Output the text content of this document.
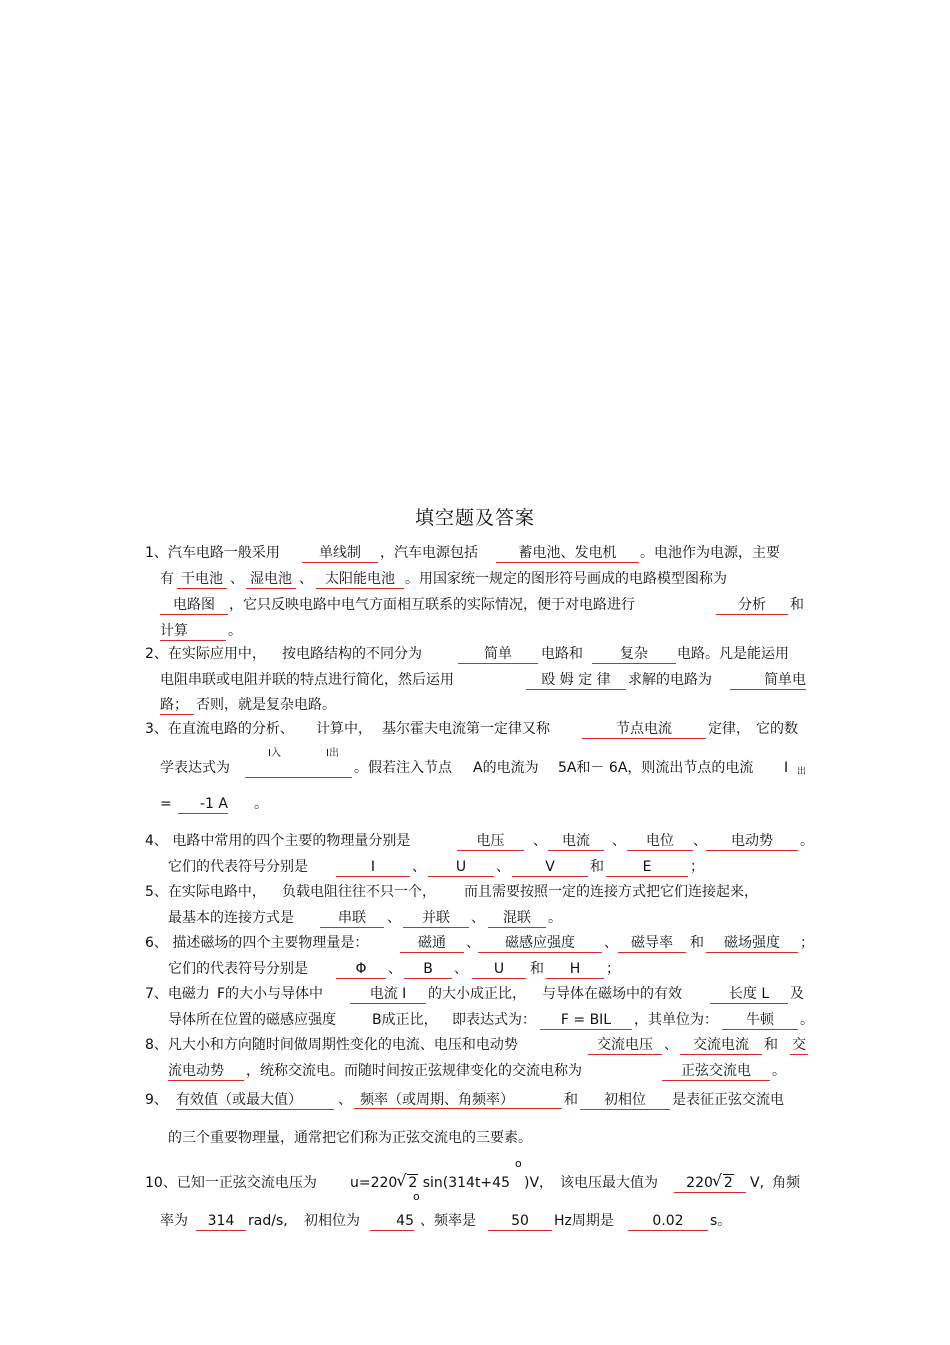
填空题及答案
1、汽车电路一般采用	单线制	，汽车电源包括	蓄电池、发电机	。电池作为电源，主要
有 干电池 、 湿电池 、 太阳能电池 。用国家统一规定的图形符号画成的电路模型图称为
电路图	，它只反映电路中电气方面相互联系的实际情况，便于对电路进行	分析	和
计算	。
2、在实际应用中， 按电路结构的不同分为	简单	电路和	复杂	电路。凡是能运用
电阻串联或电阻并联的特点进行简化，然后运用	殴 姆 定 律	求解的电路为	简单电
路； 否则，就是复杂电路。
3、在直流电路的分析、 计算中， 基尔霍夫电流第一定律又称	节点电流	定律， 它的数
I入	I出
学表达式为	。假若注入节点 A的电流为 5A和－ 6A，则流出节点的电流 I 出
=	-1 A 。
4、 电路中常用的四个主要的物理量分别是	电压	、	电流	、	电位	、	电动势	。
它们的代表符号分别是	I	、	U	、	V	和	E	；
5、在实际电路中， 负载电阻往往不只一个， 而且需要按照一定的连接方式把它们连接起来，
最基本的连接方式是	串联	、	并联	、	混联	。
6、 描述磁场的四个主要物理量是：	磁通	、	磁感应强度	、 磁导率	和	磁场强度	；
它们的代表符号分别是	Φ	、	B	、	U	和	H	；
7、电磁力 F的大小与导体中	电流 I	的大小成正比， 与导体在磁场中的有效	长度 L	及
导体所在位置的磁感应强度	B成正比， 即表达式为：	F = BIL	，其单位为：	牛顿	。
8、凡大小和方向随时间做周期性变化的电流、电压和电动势	交流电压 、	交流电流	和 交
流电动势	，统称交流电。而随时间按正弦规律变化的交流电称为	正弦交流电	。
9、 有效值（或最大值）	、 频率（或周期、角频率）	和	初相位	是表征正弦交流电
的三个重要物理量，通常把它们称为正弦交流电的三要素。
10、已知一正弦交流电压为 u=220 √ 2 sin(314t+45
o
)V， 该电压最大值为	220 √ 2	V, 角频
率为	314 rad/s, 初相位为	45 、频率是	50	Hz周期是	0.02	s。
o
